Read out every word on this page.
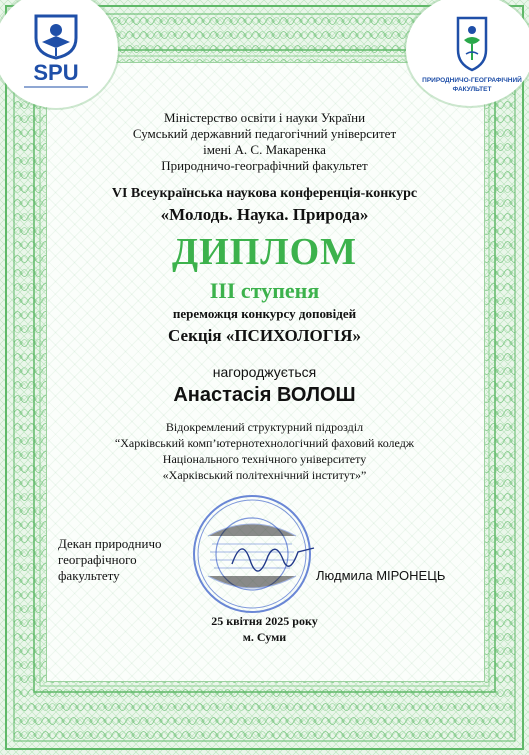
SPU	ПРИРОДНИЧО-ГЕОГРАФІЧНИЙ ФАКУЛЬТЕТ
Міністерство освіти і науки України
Сумський державний педагогічний університет
імені А. С. Макаренка
Природничо-географічний факультет
VI Всеукраїнська наукова конференція-конкурс
«Молодь. Наука. Природа»
ДИПЛОМ
ІІІ ступеня
переможця конкурсу доповідей
Секція «ПСИХОЛОГІЯ»
нагороджується
Анастасія ВОЛОШ
Відокремлений структурний підрозділ
“Харківський комп’ютернотехнологічний фаховий коледж
Національного технічного університету
«Харківський політехнічний інститут»”
Декан природничо
географічного
факультету	Людмила МІРОНЕЦЬ
25 квітня 2025 року
м. Суми
